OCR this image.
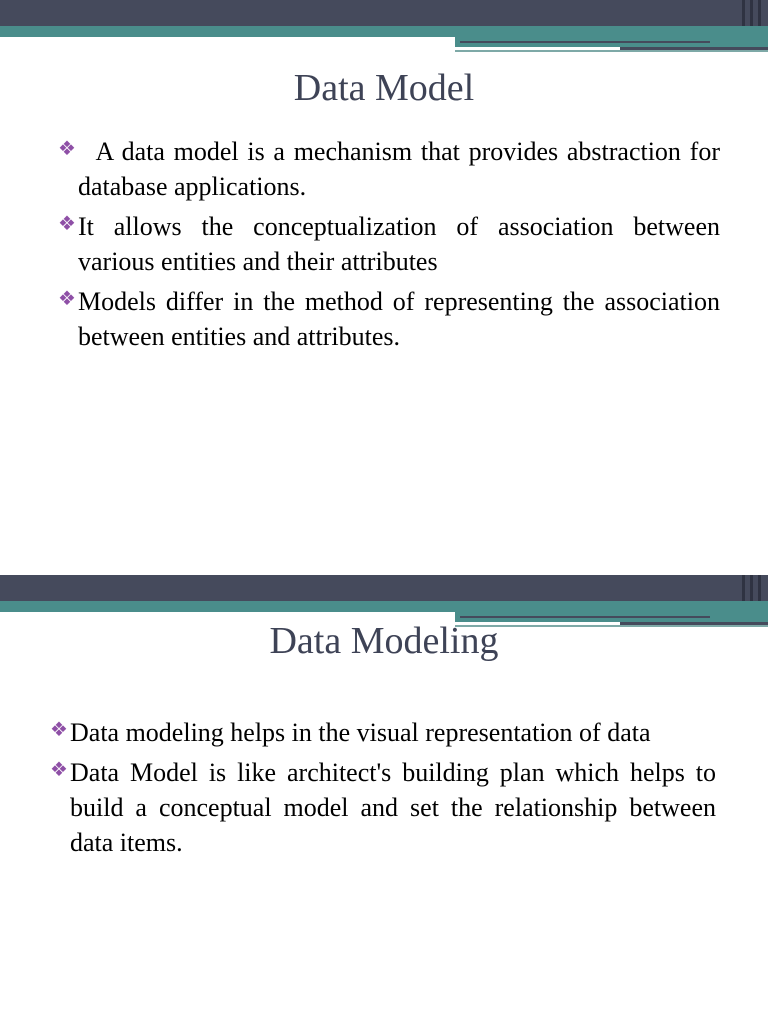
Data Model
❖ A data model is a mechanism that provides abstraction for database applications.
❖ It allows the conceptualization of association between various entities and their attributes
❖ Models differ in the method of representing the association between entities and attributes.
Data Modeling
❖ Data modeling helps in the visual representation of data
❖ Data Model is like architect's building plan which helps to build a conceptual model and set the relationship between data items.
